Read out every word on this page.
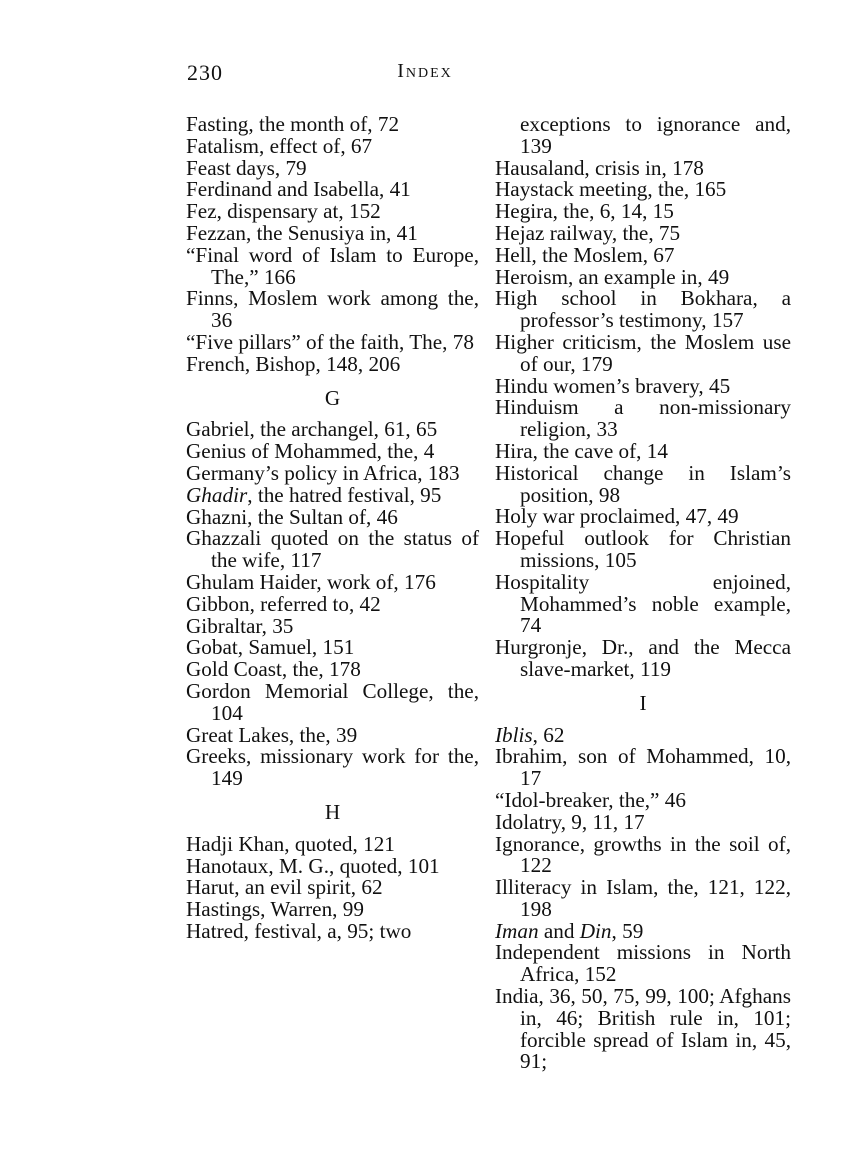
230	Index

Fasting, the month of, 72

Fatalism, effect of, 67

Feast days, 79

Ferdinand and Isabella, 41

Fez, dispensary at, 152

Fezzan, the Senusiya in, 41

“Final word of Islam to Europe, The,” 166

Finns, Moslem work among the, 36

“Five pillars” of the faith, The, 78

French, Bishop, 148, 206

G

Gabriel, the archangel, 61, 65

Genius of Mohammed, the, 4

Germany’s policy in Africa, 183

Ghadir, the hatred festival, 95

Ghazni, the Sultan of, 46

Ghazzali quoted on the status of the wife, 117

Ghulam Haider, work of, 176

Gibbon, referred to, 42

Gibraltar, 35

Gobat, Samuel, 151

Gold Coast, the, 178

Gordon Memorial College, the, 104

Great Lakes, the, 39

Greeks, missionary work for the, 149

H

Hadji Khan, quoted, 121

Hanotaux, M. G., quoted, 101

Harut, an evil spirit, 62

Hastings, Warren, 99

Hatred, festival, a, 95; two

exceptions to ignorance and, 139

Hausaland, crisis in, 178

Haystack meeting, the, 165

Hegira, the, 6, 14, 15

Hejaz railway, the, 75

Hell, the Moslem, 67

Heroism, an example in, 49

High school in Bokhara, a professor’s testimony, 157

Higher criticism, the Moslem use of our, 179

Hindu women’s bravery, 45

Hinduism a non-missionary religion, 33

Hira, the cave of, 14

Historical change in Islam’s position, 98

Holy war proclaimed, 47, 49

Hopeful outlook for Christian missions, 105

Hospitality enjoined, Mohammed’s noble example, 74

Hurgronje, Dr., and the Mecca slave-market, 119

I

Iblis, 62

Ibrahim, son of Mohammed, 10, 17

“Idol-breaker, the,” 46

Idolatry, 9, 11, 17

Ignorance, growths in the soil of, 122

Illiteracy in Islam, the, 121, 122, 198

Iman and Din, 59

Independent missions in North Africa, 152

India, 36, 50, 75, 99, 100; Afghans in, 46; British rule in, 101; forcible spread of Islam in, 45, 91;
